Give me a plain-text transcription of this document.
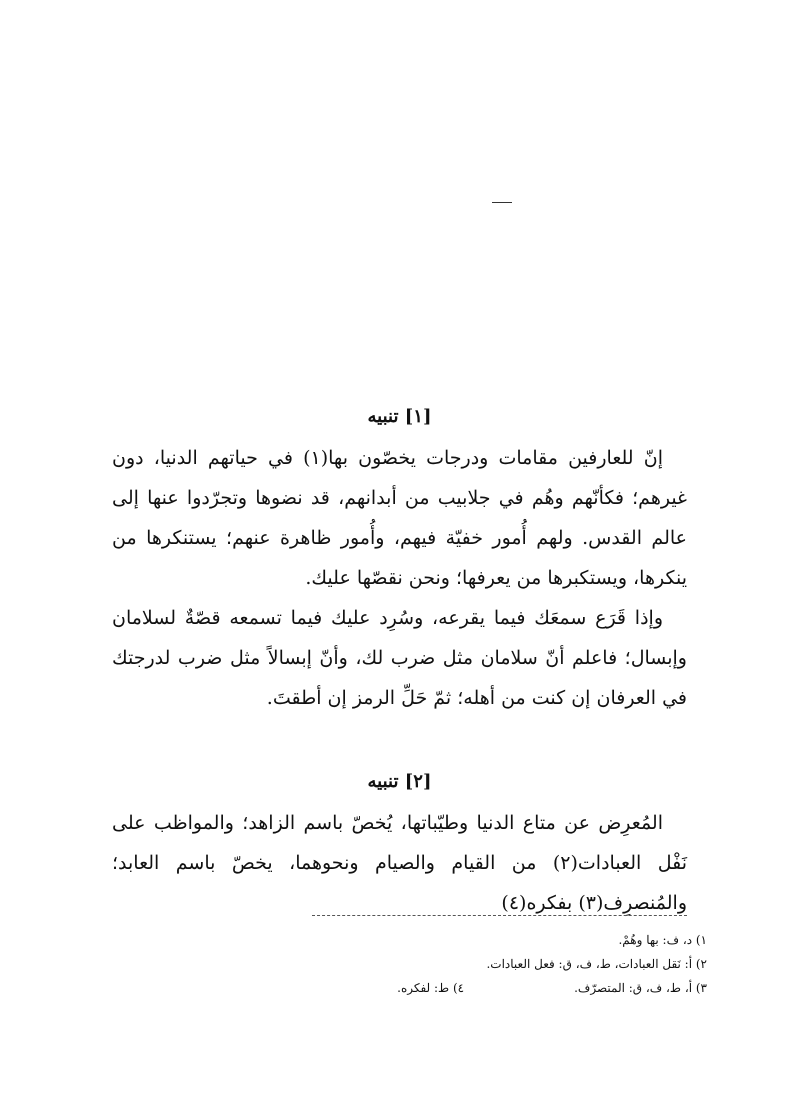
[١] تنبيه

إنّ للعارفين مقامات ودرجات يخصّون بها(١) في حياتهم الدنيا، دون غيرهم؛ فكأنّهم وهُم في جلابيب من أبدانهم، قد نضوها وتجرّدوا عنها إلى عالم القدس. ولهم أُمور خفيّة فيهم، وأُمور ظاهرة عنهم؛ يستنكرها من ينكرها، ويستكبرها من يعرفها؛ ونحن نقصّها عليك.

وإذا قَرَع سمعَك فيما يقرعه، وسُرِد عليك فيما تسمعه قصّةٌ لسلامان وإبسال؛ فاعلم أنّ سلامان مثل ضرب لك، وأنّ إبسالاً مثل ضرب لدرجتك في العرفان إن كنت من أهله؛ ثمّ حَلِّ الرمز إن أطقتَ.

[٢] تنبيه

المُعرِض عن متاع الدنيا وطيّباتها، يُخصّ باسم الزاهد؛ والمواظب على نَفْل العبادات(٢) من القيام والصيام ونحوهما، يخصّ باسم العابد؛ والمُنصرِف(٣) بفكره(٤)

١) د، ف: بها وهُمْ.

٢) أ: نَقل العبادات، ط، ف، ق: فعل العبادات.

٣) أ، ط، ف، ق: المتصرّف.
٤) ط: لفكره.
